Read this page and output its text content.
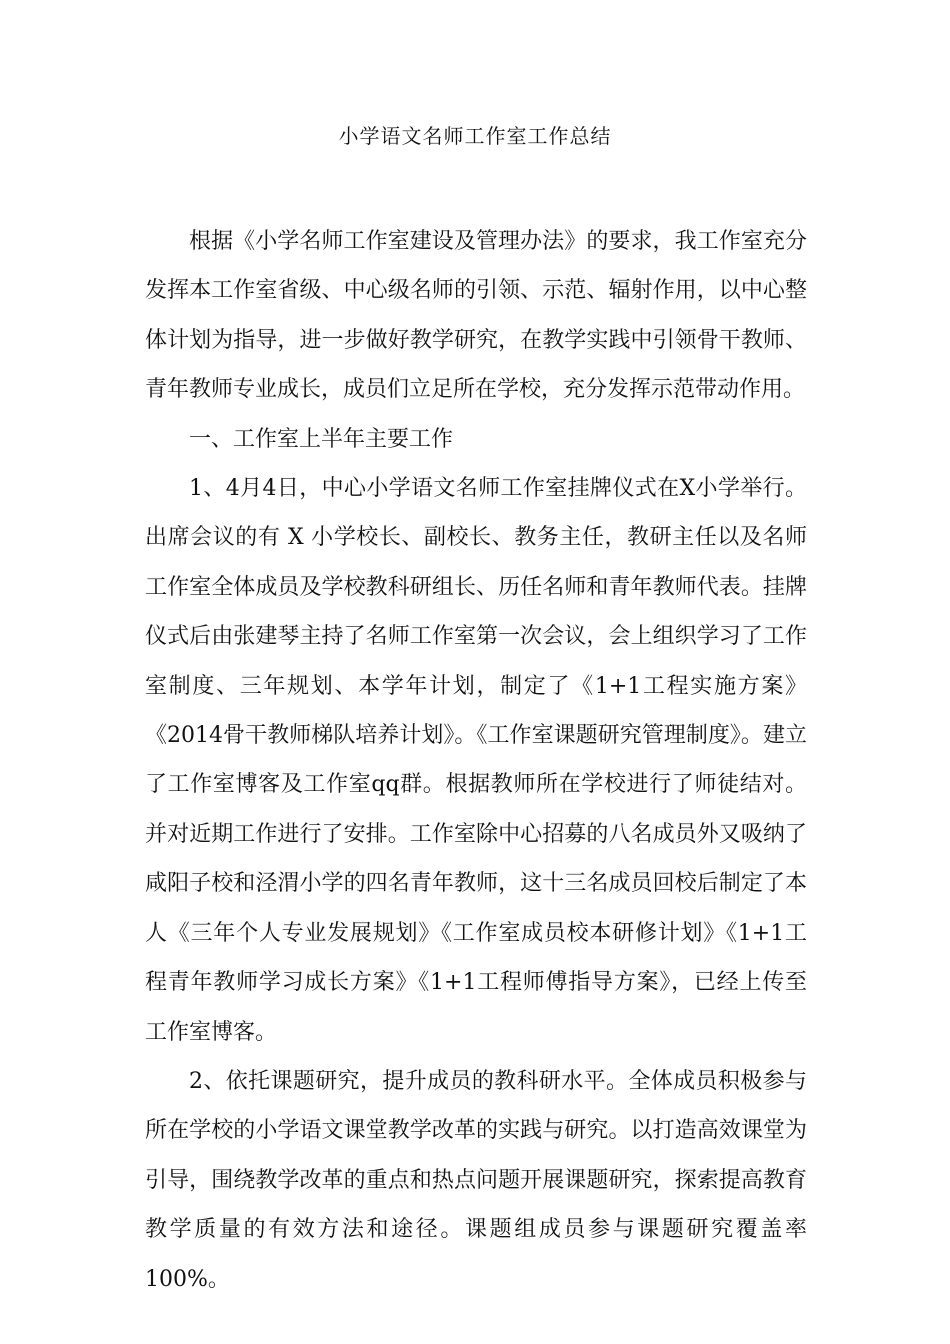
小学语文名师工作室工作总结

根据《小学名师工作室建设及管理办法》的要求，我工作室充分发挥本工作室省级、中心级名师的引领、示范、辐射作用，以中心整体计划为指导，进一步做好教学研究，在教学实践中引领骨干教师、青年教师专业成长，成员们立足所在学校，充分发挥示范带动作用。

一、工作室上半年主要工作

1、4月4日，中心小学语文名师工作室挂牌仪式在X小学举行。出席会议的有 X 小学校长、副校长、教务主任，教研主任以及名师工作室全体成员及学校教科研组长、历任名师和青年教师代表。挂牌仪式后由张建琴主持了名师工作室第一次会议，会上组织学习了工作室制度、三年规划、本学年计划，制定了《1+1工程实施方案》《2014骨干教师梯队培养计划》。《工作室课题研究管理制度》。建立了工作室博客及工作室qq群。根据教师所在学校进行了师徒结对。并对近期工作进行了安排。工作室除中心招募的八名成员外又吸纳了咸阳子校和泾渭小学的四名青年教师，这十三名成员回校后制定了本人《三年个人专业发展规划》《工作室成员校本研修计划》《1+1工程青年教师学习成长方案》《1+1工程师傅指导方案》，已经上传至工作室博客。

2、依托课题研究，提升成员的教科研水平。全体成员积极参与所在学校的小学语文课堂教学改革的实践与研究。以打造高效课堂为引导，围绕教学改革的重点和热点问题开展课题研究，探索提高教育教学质量的有效方法和途径。课题组成员参与课题研究覆盖率100%。
